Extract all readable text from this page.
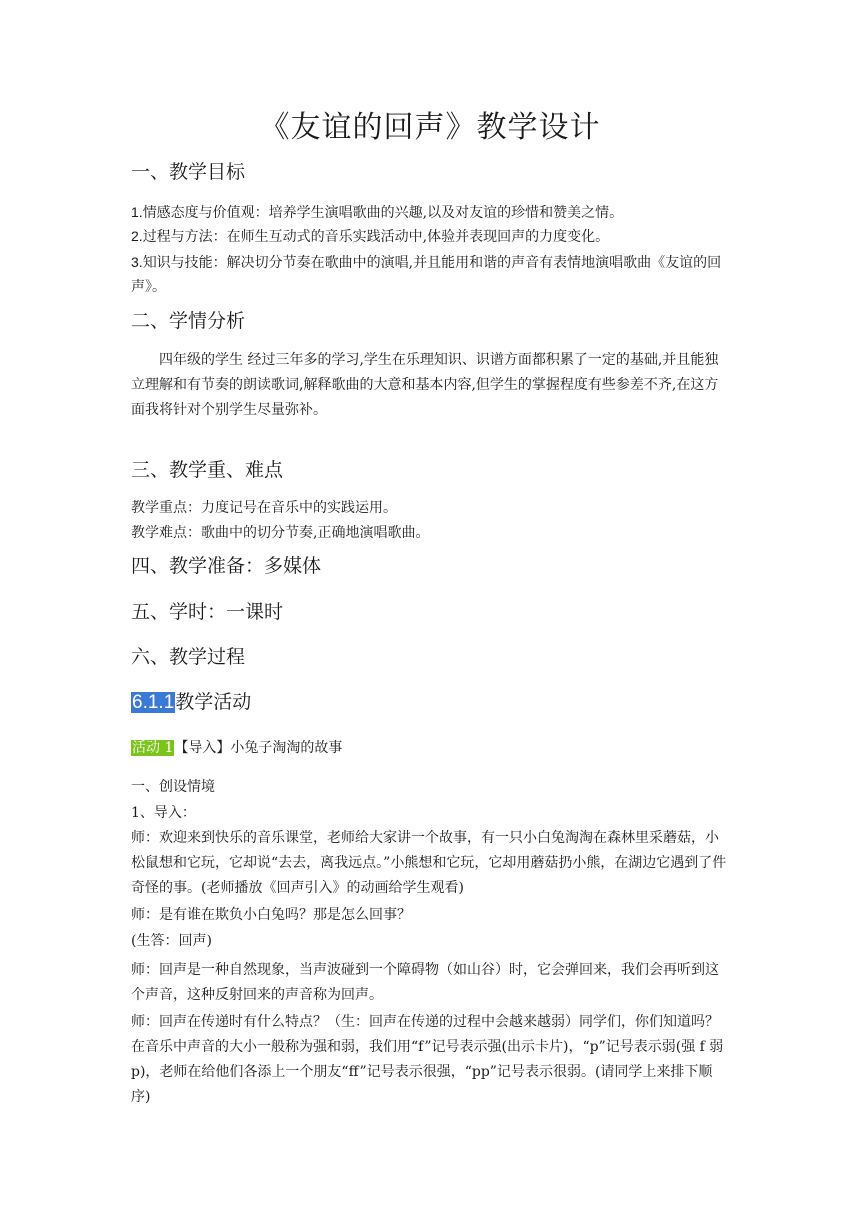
《友谊的回声》教学设计
一、教学目标
1.情感态度与价值观：培养学生演唱歌曲的兴趣,以及对友谊的珍惜和赞美之情。
2.过程与方法：在师生互动式的音乐实践活动中,体验并表现回声的力度变化。
3.知识与技能：解决切分节奏在歌曲中的演唱,并且能用和谐的声音有表情地演唱歌曲《友谊的回声》。
二、学情分析
四年级的学生 经过三年多的学习,学生在乐理知识、识谱方面都积累了一定的基础,并且能独立理解和有节奏的朗读歌词,解释歌曲的大意和基本内容,但学生的掌握程度有些参差不齐,在这方面我将针对个别学生尽量弥补。
三、教学重、难点
教学重点：力度记号在音乐中的实践运用。
教学难点：歌曲中的切分节奏,正确地演唱歌曲。
四、教学准备：多媒体
五、学时：一课时
六、教学过程
6.1.1教学活动
活动 1【导入】小兔子淘淘的故事
一、创设情境
1、导入：
师：欢迎来到快乐的音乐课堂，老师给大家讲一个故事，有一只小白兔淘淘在森林里采蘑菇，小松鼠想和它玩，它却说“去去，离我远点。”小熊想和它玩，它却用蘑菇扔小熊，在湖边它遇到了件奇怪的事。(老师播放《回声引入》的动画给学生观看)
师：是有谁在欺负小白兔吗？那是怎么回事？
(生答：回声)
师：回声是一种自然现象，当声波碰到一个障碍物（如山谷）时，它会弹回来，我们会再听到这个声音，这种反射回来的声音称为回声。
师：回声在传递时有什么特点？（生：回声在传递的过程中会越来越弱）同学们，你们知道吗？在音乐中声音的大小一般称为强和弱，我们用“f”记号表示强(出示卡片)，“p”记号表示弱(强 f 弱 p)，老师在给他们各添上一个朋友“ff”记号表示很强，“pp”记号表示很弱。(请同学上来排下顺序)
